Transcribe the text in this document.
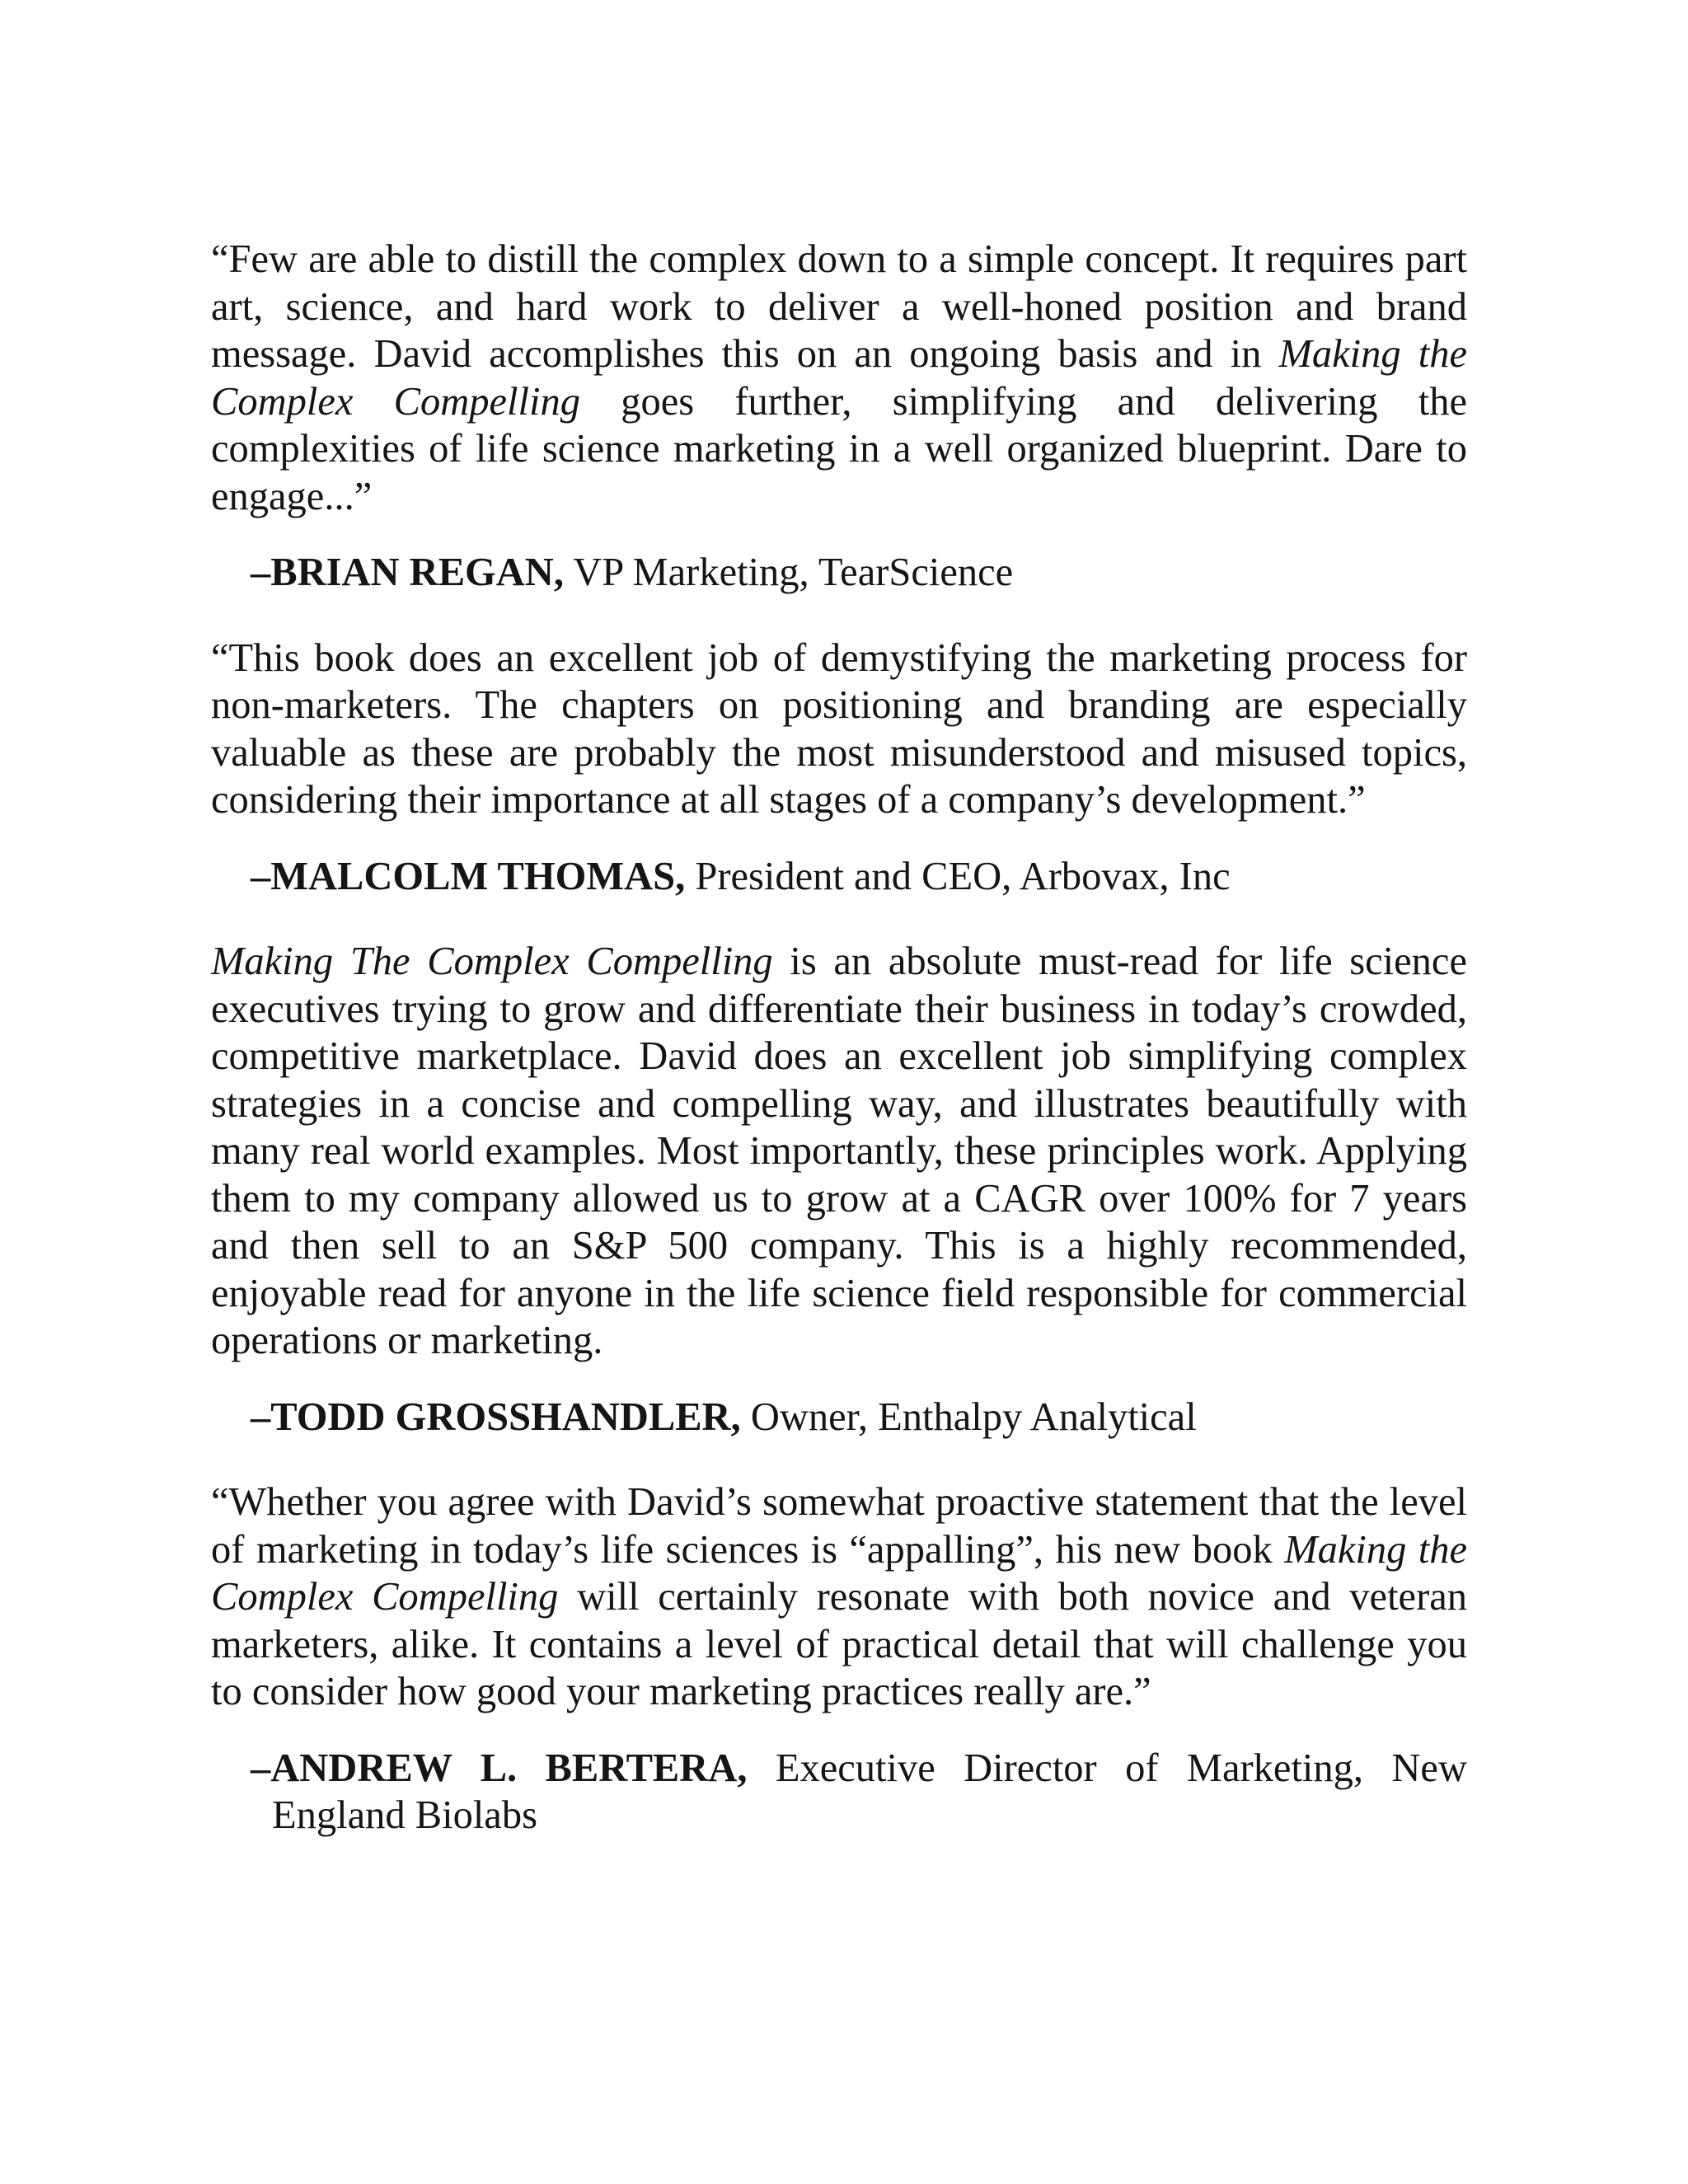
“Few are able to distill the complex down to a simple concept. It requires part art, science, and hard work to deliver a well-honed position and brand message. David accomplishes this on an ongoing basis and in Making the Complex Compelling goes further, simplifying and delivering the complexities of life science marketing in a well organized blueprint. Dare to engage...”

–BRIAN REGAN, VP Marketing, TearScience

“This book does an excellent job of demystifying the marketing process for non-marketers. The chapters on positioning and branding are especially valuable as these are probably the most misunderstood and misused topics, considering their importance at all stages of a company’s development.”

–MALCOLM THOMAS, President and CEO, Arbovax, Inc

Making The Complex Compelling is an absolute must-read for life science executives trying to grow and differentiate their business in today’s crowded, competitive marketplace. David does an excellent job simplifying complex strategies in a concise and compelling way, and illustrates beautifully with many real world examples. Most importantly, these principles work. Applying them to my company allowed us to grow at a CAGR over 100% for 7 years and then sell to an S&P 500 company. This is a highly recommended, enjoyable read for anyone in the life science field responsible for commercial operations or marketing.

–TODD GROSSHANDLER, Owner, Enthalpy Analytical

“Whether you agree with David’s somewhat proactive statement that the level of marketing in today’s life sciences is “appalling”, his new book Making the Complex Compelling will certainly resonate with both novice and veteran marketers, alike. It contains a level of practical detail that will challenge you to consider how good your marketing practices really are.”

–ANDREW L. BERTERA, Executive Director of Marketing, New England Biolabs
